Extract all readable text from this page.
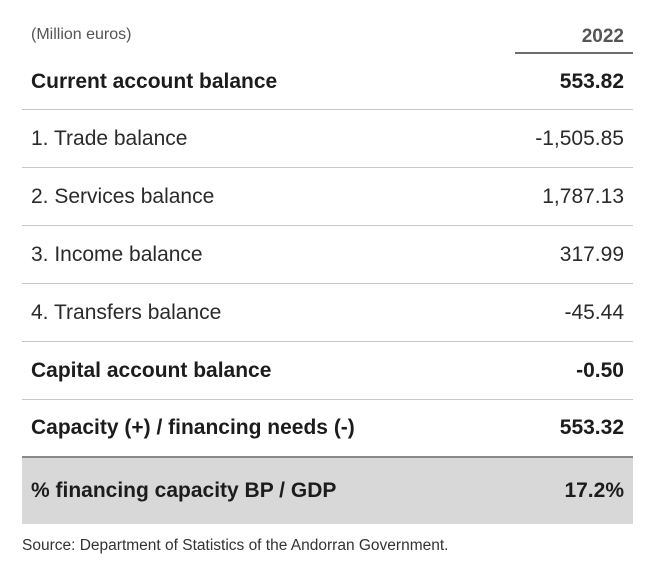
(Million euros)	2022
Current account balance	553.82
1. Trade balance	-1,505.85
2. Services balance	1,787.13
3. Income balance	317.99
4. Transfers balance	-45.44
Capital account balance	-0.50
Capacity (+) / financing needs (-)	553.32
% financing capacity BP / GDP	17.2%
Source: Department of Statistics of the Andorran Government.
